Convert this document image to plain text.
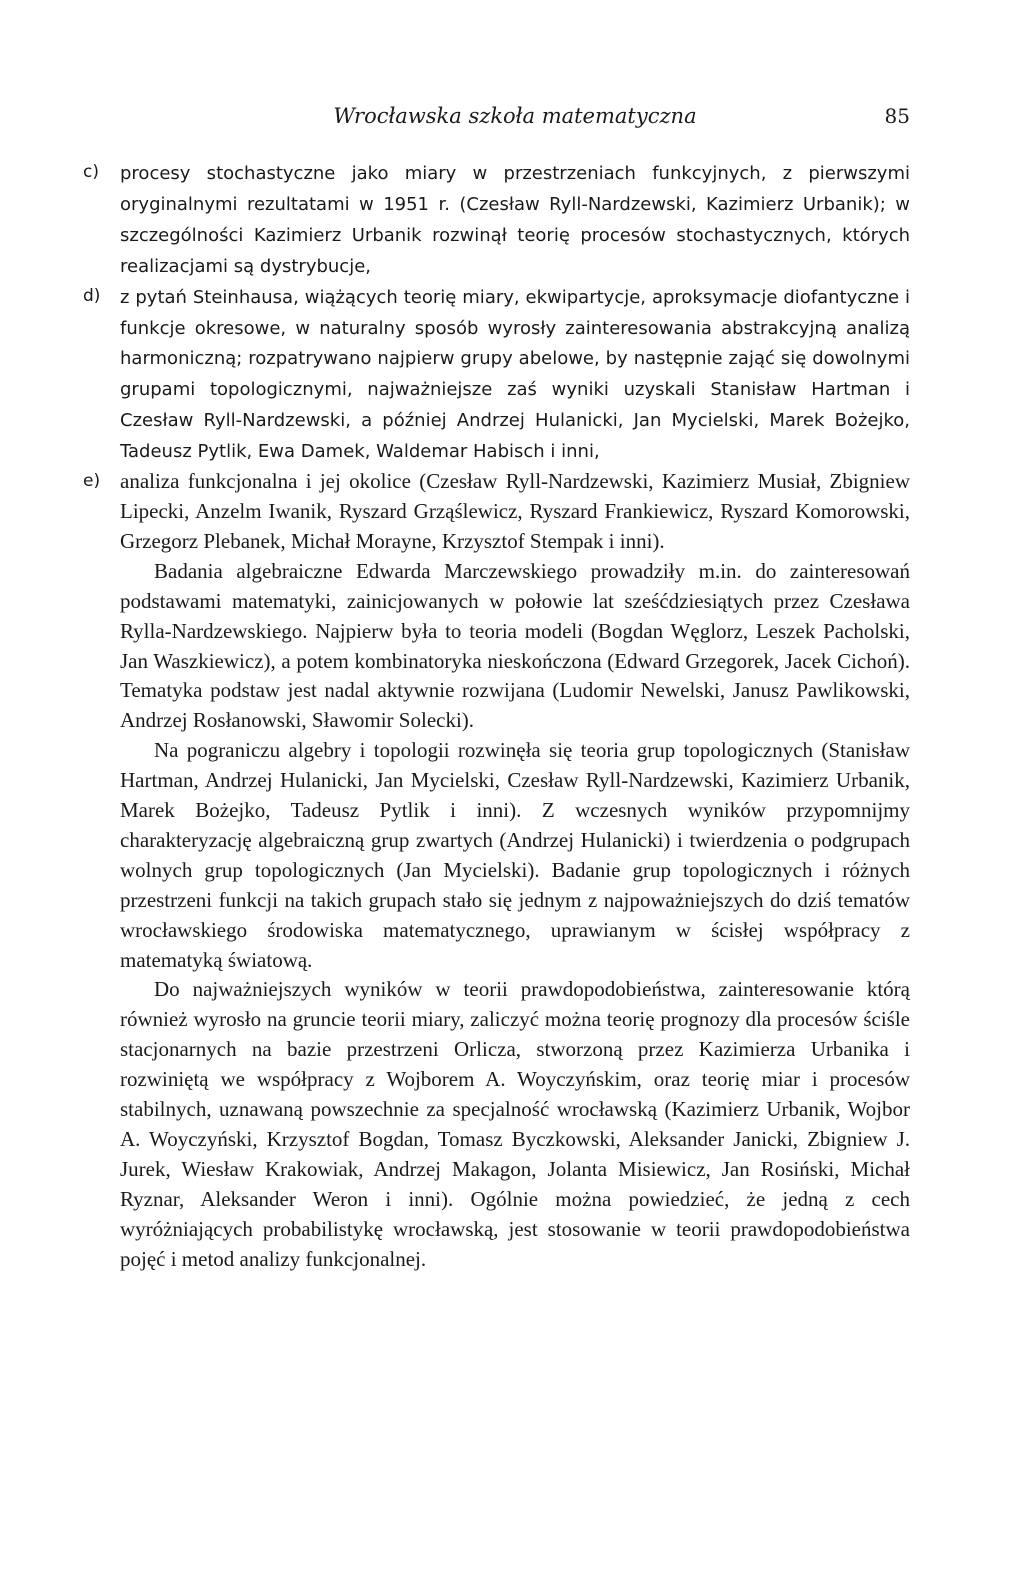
Wrocławska szkoła matematyczna	85
c) procesy stochastyczne jako miary w przestrzeniach funkcyjnych, z pierwszymi oryginalnymi rezultatami w 1951 r. (Czesław Ryll-Nardzewski, Kazimierz Urbanik); w szczególności Kazimierz Urbanik rozwinął teorię procesów stochastycznych, których realizacjami są dystrybucje,
d) z pytań Steinhausa, wiążących teorię miary, ekwipartycje, aproksymacje diofantyczne i funkcje okresowe, w naturalny sposób wyrosły zainteresowania abstrakcyjną analizą harmoniczną; rozpatrywano najpierw grupy abelowe, by następnie zająć się dowolnymi grupami topologicznymi, najważniejsze zaś wyniki uzyskali Stanisław Hartman i Czesław Ryll-Nardzewski, a później Andrzej Hulanicki, Jan Mycielski, Marek Bożejko, Tadeusz Pytlik, Ewa Damek, Waldemar Habisch i inni,
e) analiza funkcjonalna i jej okolice (Czesław Ryll-Nardzewski, Kazimierz Musiał, Zbigniew Lipecki, Anzelm Iwanik, Ryszard Grząślewicz, Ryszard Frankiewicz, Ryszard Komorowski, Grzegorz Plebanek, Michał Morayne, Krzysztof Stempak i inni).

Badania algebraiczne Edwarda Marczewskiego prowadziły m.in. do zainteresowań podstawami matematyki, zainicjowanych w połowie lat sześćdziesiątych przez Czesława Rylla-Nardzewskiego. Najpierw była to teoria modeli (Bogdan Węglorz, Leszek Pacholski, Jan Waszkiewicz), a potem kombinatoryka nieskończona (Edward Grzegorek, Jacek Cichoń). Tematyka podstaw jest nadal aktywnie rozwijana (Ludomir Newelski, Janusz Pawlikowski, Andrzej Rosłanowski, Sławomir Solecki).

Na pograniczu algebry i topologii rozwinęła się teoria grup topologicznych (Stanisław Hartman, Andrzej Hulanicki, Jan Mycielski, Czesław Ryll-Nardzewski, Kazimierz Urbanik, Marek Bożejko, Tadeusz Pytlik i inni). Z wczesnych wyników przypomnijmy charakteryzację algebraiczną grup zwartych (Andrzej Hulanicki) i twierdzenia o podgrupach wolnych grup topologicznych (Jan Mycielski). Badanie grup topologicznych i różnych przestrzeni funkcji na takich grupach stało się jednym z najpoważniejszych do dziś tematów wrocławskiego środowiska matematycznego, uprawianym w ścisłej współpracy z matematyką światową.

Do najważniejszych wyników w teorii prawdopodobieństwa, zainteresowanie którą również wyrosło na gruncie teorii miary, zaliczyć można teorię prognozy dla procesów ściśle stacjonarnych na bazie przestrzeni Orlicza, stworzoną przez Kazimierza Urbanika i rozwiniętą we współpracy z Wojborem A. Woyczyńskim, oraz teorię miar i procesów stabilnych, uznawaną powszechnie za specjalność wrocławską (Kazimierz Urbanik, Wojbor A. Woyczyński, Krzysztof Bogdan, Tomasz Byczkowski, Aleksander Janicki, Zbigniew J. Jurek, Wiesław Krakowiak, Andrzej Makagon, Jolanta Misiewicz, Jan Rosiński, Michał Ryznar, Aleksander Weron i inni). Ogólnie można powiedzieć, że jedną z cech wyróżniających probabilistykę wrocławską, jest stosowanie w teorii prawdopodobieństwa pojęć i metod analizy funkcjonalnej.
